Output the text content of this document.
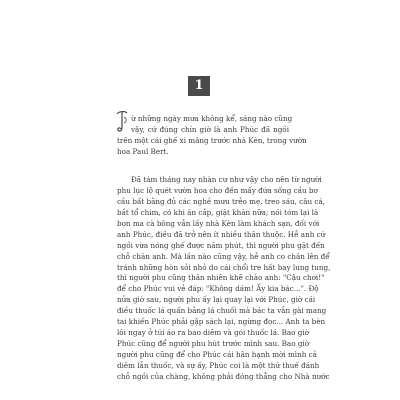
1
ừ những ngày mưa không kể, sáng nào cũng
vậy, cứ đúng chín giờ là anh Phúc đã ngồi
trên một cái ghế xi măng trước nhà Kèn, trong vườn
hoa Paul Bert.
Đã tám tháng nay nhàn cư như vậy cho nên từ người
phu lục lộ quét vườn hoa cho đến mấy đứa sống cầu bơ
cầu bất bằng đủ các nghề mưu trẻo mẹ, treo sáu, câu cá,
bắt tổ chim, có khi ăn cắp, giặt khăn nữa; nói tóm lại là
bọn ma cà bông vẫn lấy nhà Kèn làm khách sạn, đối với
anh Phúc, điều đã trở nên ít nhiều thân thuộc. Hễ anh cứ
ngồi vừa nóng ghế được năm phút, thì người phu gặt đến
chỗ chăn anh. Mà lần nào cũng vậy, hễ anh co chân lên để
tránh những hòn sỏi nhỏ do cái chổi tre hất bay lung tung,
thì người phu cũng thân nhiên khẽ chào anh: "Cậu chơi!"
để cho Phúc vui vẻ đáp: "Không dám! Ấy kia bác...". Độ
nửa giờ sau, người phu ấy lại quay lại với Phúc, giờ cái
điều thuốc lá quấn bằng lá chuối mà bác ta vẫn gài mang
tai khiến Phúc phải gập sách lại, ngừng đọc... Anh ta bèn
lôi ngay ở túi áo ra bao diêm và gói thuốc lá. Bao giờ
Phúc cũng để người phu hút trước mình sau. Bao giờ
người phu cũng để cho Phúc cái hân hạnh mời mình cả
diêm lẫn thuốc, và sự ấy, Phúc coi là một thứ thuế đánh
chỗ ngồi của chàng, không phải đóng thẳng cho Nhà nước
